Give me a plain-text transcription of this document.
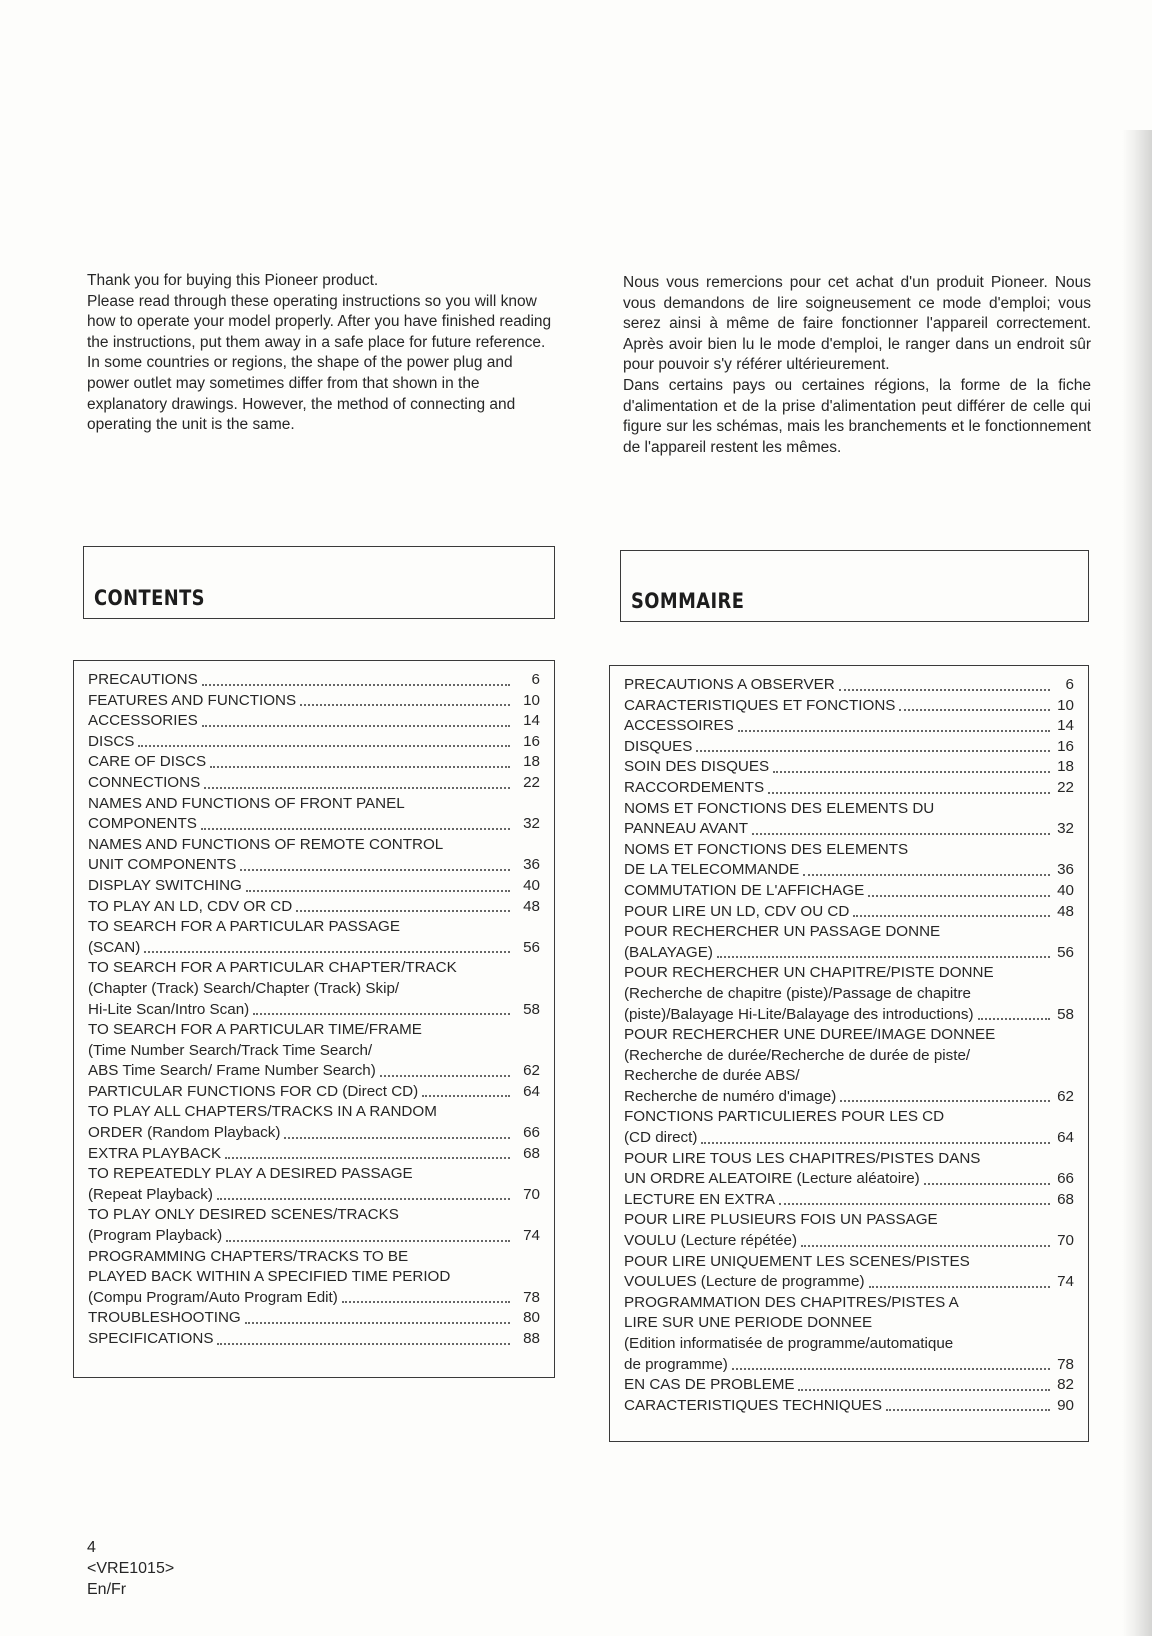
Thank you for buying this Pioneer product.

Please read through these operating instructions so you will know how to operate your model properly. After you have finished reading the instructions, put them away in a safe place for future reference.

In some countries or regions, the shape of the power plug and power outlet may sometimes differ from that shown in the explanatory drawings. However, the method of connecting and operating the unit is the same.

Nous vous remercions pour cet achat d'un produit Pioneer. Nous vous demandons de lire soigneusement ce mode d'emploi; vous serez ainsi à même de faire fonctionner l'appareil correctement. Après avoir bien lu le mode d'emploi, le ranger dans un endroit sûr pour pouvoir s'y référer ultérieurement.

Dans certains pays ou certaines régions, la forme de la fiche d'alimentation et de la prise d'alimentation peut différer de celle qui figure sur les schémas, mais les branchements et le fonctionnement de l'appareil restent les mêmes.

CONTENTS	SOMMAIRE
PRECAUTIONS	6
FEATURES AND FUNCTIONS	10
ACCESSORIES	14
DISCS	16
CARE OF DISCS	18
CONNECTIONS	22
NAMES AND FUNCTIONS OF FRONT PANEL
COMPONENTS	32
NAMES AND FUNCTIONS OF REMOTE CONTROL
UNIT COMPONENTS	36
DISPLAY SWITCHING	40
TO PLAY AN LD, CDV OR CD	48
TO SEARCH FOR A PARTICULAR PASSAGE
(SCAN)	56
TO SEARCH FOR A PARTICULAR CHAPTER/TRACK
(Chapter (Track) Search/Chapter (Track) Skip/
Hi-Lite Scan/Intro Scan)	58
TO SEARCH FOR A PARTICULAR TIME/FRAME
(Time Number Search/Track Time Search/
ABS Time Search/ Frame Number Search)	62
PARTICULAR FUNCTIONS FOR CD (Direct CD)	64
TO PLAY ALL CHAPTERS/TRACKS IN A RANDOM
ORDER (Random Playback)	66
EXTRA PLAYBACK	68
TO REPEATEDLY PLAY A DESIRED PASSAGE
(Repeat Playback)	70
TO PLAY ONLY DESIRED SCENES/TRACKS
(Program Playback)	74
PROGRAMMING CHAPTERS/TRACKS TO BE
PLAYED BACK WITHIN A SPECIFIED TIME PERIOD
(Compu Program/Auto Program Edit)	78
TROUBLESHOOTING	80
SPECIFICATIONS	88
PRECAUTIONS A OBSERVER	6
CARACTERISTIQUES ET FONCTIONS	10
ACCESSOIRES	14
DISQUES	16
SOIN DES DISQUES	18
RACCORDEMENTS	22
NOMS ET FONCTIONS DES ELEMENTS DU
PANNEAU AVANT	32
NOMS ET FONCTIONS DES ELEMENTS
DE LA TELECOMMANDE	36
COMMUTATION DE L'AFFICHAGE	40
POUR LIRE UN LD, CDV OU CD	48
POUR RECHERCHER UN PASSAGE DONNE
(BALAYAGE)	56
POUR RECHERCHER UN CHAPITRE/PISTE DONNE
(Recherche de chapitre (piste)/Passage de chapitre
(piste)/Balayage Hi-Lite/Balayage des introductions)	58
POUR RECHERCHER UNE DUREE/IMAGE DONNEE
(Recherche de durée/Recherche de durée de piste/
Recherche de durée ABS/
Recherche de numéro d'image)	62
FONCTIONS PARTICULIERES POUR LES CD
(CD direct)	64
POUR LIRE TOUS LES CHAPITRES/PISTES DANS
UN ORDRE ALEATOIRE (Lecture aléatoire)	66
LECTURE EN EXTRA	68
POUR LIRE PLUSIEURS FOIS UN PASSAGE
VOULU (Lecture répétée)	70
POUR LIRE UNIQUEMENT LES SCENES/PISTES
VOULUES (Lecture de programme)	74
PROGRAMMATION DES CHAPITRES/PISTES A
LIRE SUR UNE PERIODE DONNEE
(Edition informatisée de programme/automatique
de programme)	78
EN CAS DE PROBLEME	82
CARACTERISTIQUES TECHNIQUES	90
4
<VRE1015>
En/Fr
